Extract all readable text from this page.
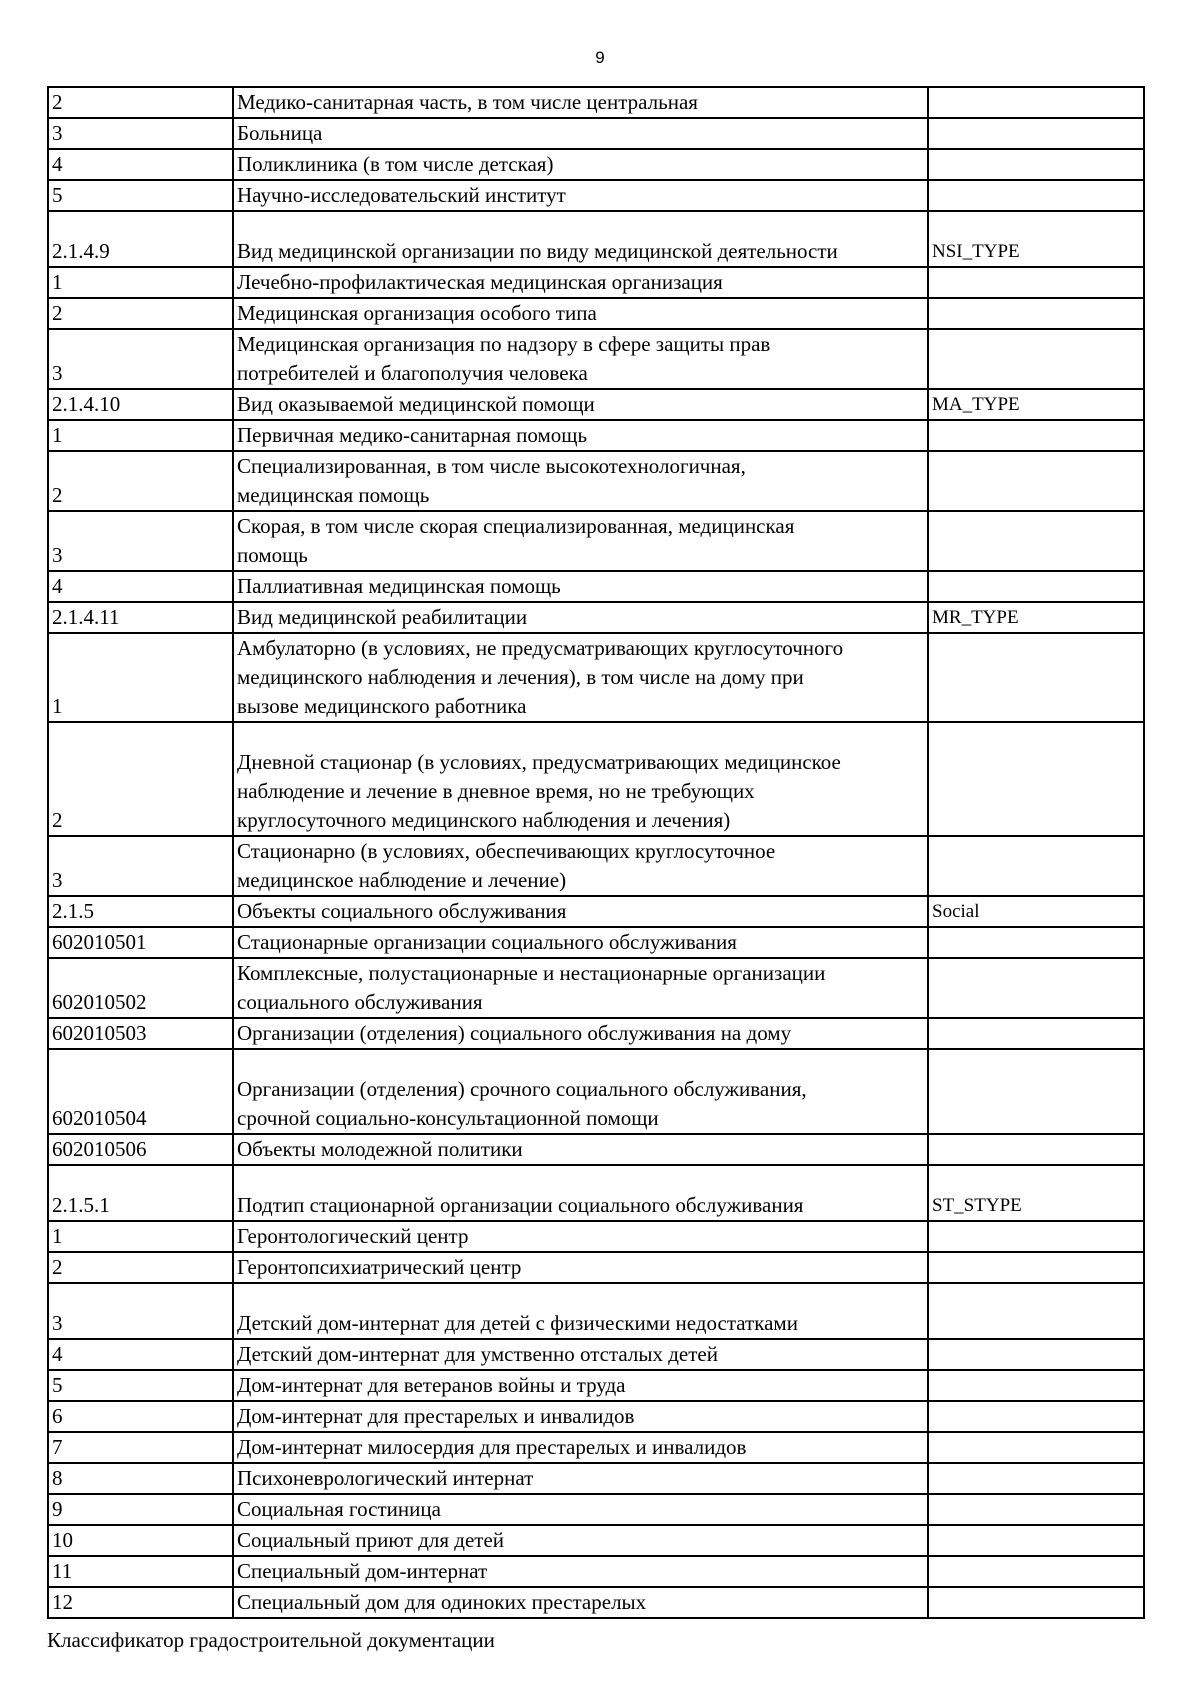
9
2	Медико-санитарная часть, в том числе центральная	

3	Больница	

4	Поликлиника (в том числе детская)	

5	Научно-исследовательский институт	

2.1.4.9	Вид медицинской организации по виду медицинской деятельности	NSI_TYPE
1	Лечебно-профилактическая медицинская организация	

2	Медицинская организация особого типа	

3	Медицинская организация по надзору в сфере защиты прав
потребителей и благополучия человека	

2.1.4.10	Вид оказываемой медицинской помощи	MA_TYPE
1	Первичная медико-санитарная помощь	

2	Специализированная, в том числе высокотехнологичная,
медицинская помощь	

3	Скорая, в том числе скорая специализированная, медицинская
помощь	

4	Паллиативная медицинская помощь	

2.1.4.11	Вид медицинской реабилитации	MR_TYPE
1	Амбулаторно (в условиях, не предусматривающих круглосуточного
медицинского наблюдения и лечения), в том числе на дому при
вызове медицинского работника	

2	Дневной стационар (в условиях, предусматривающих медицинское
наблюдение и лечение в дневное время, но не требующих
круглосуточного медицинского наблюдения и лечения)	

3	Стационарно (в условиях, обеспечивающих круглосуточное
медицинское наблюдение и лечение)	

2.1.5	Объекты социального обслуживания	Social
602010501	Стационарные организации социального обслуживания	

602010502	Комплексные, полустационарные и нестационарные организации
социального обслуживания	

602010503	Организации (отделения) социального обслуживания на дому	

602010504	Организации (отделения) срочного социального обслуживания,
срочной социально-консультационной помощи	

602010506	Объекты молодежной политики	

2.1.5.1	Подтип стационарной организации социального обслуживания	ST_STYPE
1	Геронтологический центр	

2	Геронтопсихиатрический центр	

3	Детский дом-интернат для детей с физическими недостатками	

4	Детский дом-интернат для умственно отсталых детей	

5	Дом-интернат для ветеранов войны и труда	

6	Дом-интернат для престарелых и инвалидов	

7	Дом-интернат милосердия для престарелых и инвалидов	

8	Психоневрологический интернат	

9	Социальная гостиница	

10	Социальный приют для детей	

11	Специальный дом-интернат	

12	Специальный дом для одиноких престарелых	

Классификатор градостроительной документации
